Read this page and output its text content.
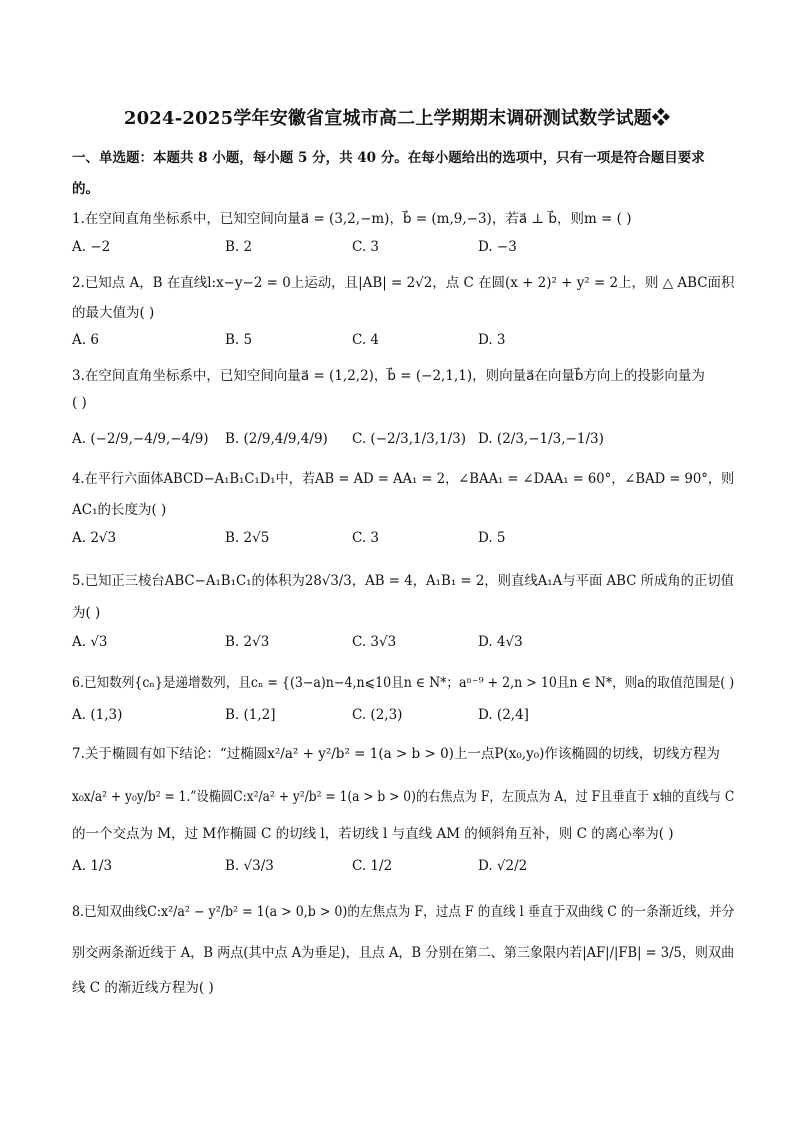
2024-2025学年安徽省宣城市高二上学期期末调研测试数学试题❖
一、单选题：本题共 8 小题，每小题 5 分，共 40 分。在每小题给出的选项中，只有一项是符合题目要求
的。
1.在空间直角坐标系中，已知空间向量a⃗ = (3,2,−m)，b⃗ = (m,9,−3)，若a⃗ ⊥ b⃗，则m = ( )
A. −2	B. 2	C. 3	D. −3
2.已知点 A，B 在直线l:x−y−2 = 0上运动，且|AB| = 2√2，点 C 在圆(x + 2)² + y² = 2上，则 △ ABC面积
的最大值为( )
A. 6	B. 5	C. 4	D. 3
3.在空间直角坐标系中，已知空间向量a⃗ = (1,2,2)，b⃗ = (−2,1,1)，则向量a⃗在向量b⃗方向上的投影向量为
( )
A. (−2/9,−4/9,−4/9) B. (2/9,4/9,4/9) C. (−2/3,1/3,1/3) D. (2/3,−1/3,−1/3)
4.在平行六面体ABCD−A₁B₁C₁D₁中，若AB = AD = AA₁ = 2，∠BAA₁ = ∠DAA₁ = 60°，∠BAD = 90°，则
AC₁的长度为( )
A. 2√3	B. 2√5	C. 3	D. 5
5.已知正三棱台ABC−A₁B₁C₁的体积为28√3/3，AB = 4，A₁B₁ = 2，则直线A₁A与平面 ABC 所成角的正切值
为( )
A. √3	B. 2√3	C. 3√3	D. 4√3
6.已知数列{cₙ}是递增数列，且cₙ = {(3−a)n−4,n⩽10且n ∈ N*；aⁿ⁻⁹ + 2,n > 10且n ∈ N*，则a的取值范围是( )
A. (1,3)	B. (1,2]	C. (2,3)	D. (2,4]
7.关于椭圆有如下结论：“过椭圆x²/a² + y²/b² = 1(a > b > 0)上一点P(x₀,y₀)作该椭圆的切线，切线方程为
x₀x/a² + y₀y/b² = 1.”设椭圆C:x²/a² + y²/b² = 1(a > b > 0)的右焦点为 F，左顶点为 A，过 F且垂直于 x轴的直线与 C
的一个交点为 M，过 M作椭圆 C 的切线 l，若切线 l 与直线 AM 的倾斜角互补，则 C 的离心率为( )
A. 1/3	B. √3/3	C. 1/2	D. √2/2
8.已知双曲线C:x²/a² − y²/b² = 1(a > 0,b > 0)的左焦点为 F，过点 F 的直线 l 垂直于双曲线 C 的一条渐近线，并分
别交两条渐近线于 A，B 两点(其中点 A为垂足)，且点 A，B 分别在第二、第三象限内若|AF|/|FB| = 3/5，则双曲
线 C 的渐近线方程为( )
